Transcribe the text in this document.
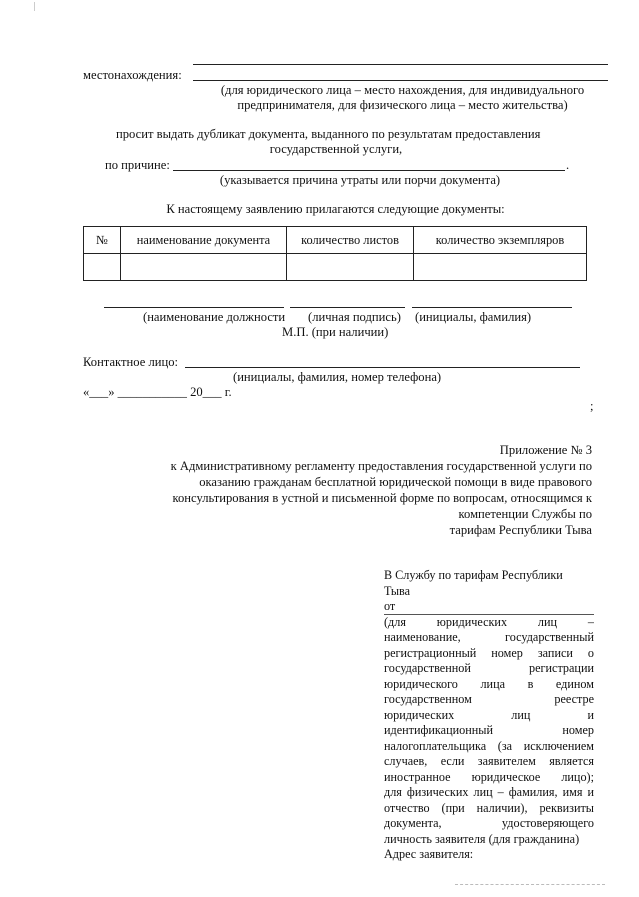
местонахождения:
(для юридического лица – место нахождения, для индивидуального
предпринимателя, для физического лица – место жительства)
просит выдать дубликат документа, выданного по результатам предоставления
государственной услуги,
по причине:	.
(указывается причина утраты или порчи документа)
К настоящему заявлению прилагаются следующие документы:
№	наименование документа	количество листов	количество экземпляров

(наименование должности (личная подпись) (инициалы, фамилия)
М.П. (при наличии)
Контактное лицо:
(инициалы, фамилия, номер телефона)
«___» ___________ 20___ г.
;
Приложение № 3
к Административному регламенту предоставления государственной услуги по
оказанию гражданам бесплатной юридической помощи в виде правового
консультирования в устной и письменной форме по вопросам, относящимся к
компетенции Службы по
тарифам Республики Тыва
В Службу по тарифам Республики
Тыва
от
(для юридических лиц –
наименование, государственный
регистрационный номер записи о
государственной регистрации
юридического лица в едином
государственном реестре
юридических лиц и
идентификационный номер
налогоплательщика (за исключением
случаев, если заявителем является
иностранное юридическое лицо);
для физических лиц – фамилия, имя и
отчество (при наличии), реквизиты
документа, удостоверяющего
личность заявителя (для гражданина)
Адрес заявителя:
